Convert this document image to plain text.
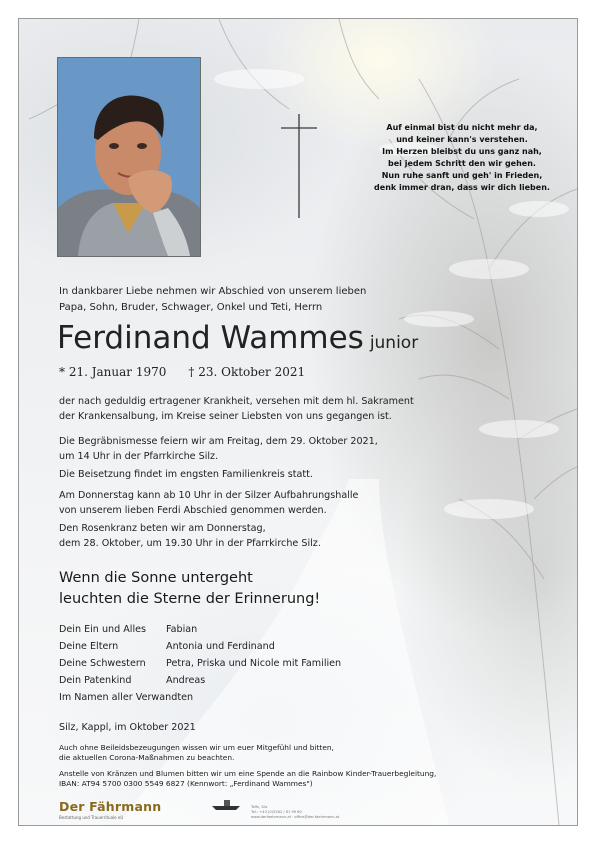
Auf einmal bist du nicht mehr da,
und keiner kann's verstehen.
Im Herzen bleibst du uns ganz nah,
bei jedem Schritt den wir gehen.
Nun ruhe sanft und geh' in Frieden,
denk immer dran, dass wir dich lieben.
In dankbarer Liebe nehmen wir Abschied von unserem lieben
Papa, Sohn, Bruder, Schwager, Onkel und Teti, Herrn
Ferdinand Wammes junior
* 21. Januar 1970 † 23. Oktober 2021
der nach geduldig ertragener Krankheit, versehen mit dem hl. Sakrament
der Krankensalbung, im Kreise seiner Liebsten von uns gegangen ist.
Die Begräbnismesse feiern wir am Freitag, dem 29. Oktober 2021,
um 14 Uhr in der Pfarrkirche Silz.
Die Beisetzung findet im engsten Familienkreis statt.
Am Donnerstag kann ab 10 Uhr in der Silzer Aufbahrungshalle
von unserem lieben Ferdi Abschied genommen werden.
Den Rosenkranz beten wir am Donnerstag,
dem 28. Oktober, um 19.30 Uhr in der Pfarrkirche Silz.
Wenn die Sonne untergeht
leuchten die Sterne der Erinnerung!
Dein Ein und Alles	Fabian
Deine Eltern	Antonia und Ferdinand
Deine Schwestern	Petra, Priska und Nicole mit Familien
Dein Patenkind	Andreas
Im Namen aller Verwandten
Silz, Kappl, im Oktober 2021
Auch ohne Beileidsbezeugungen wissen wir um euer Mitgefühl und bitten,
die aktuellen Corona-Maßnahmen zu beachten.
Anstelle von Kränzen und Blumen bitten wir um eine Spende an die Rainbow Kinder-Trauerbegleitung,
IBAN: AT94 5700 0300 5549 6827 (Kennwort: „Ferdinand Wammes")
Der Fährmann
Bestattung und Trauerrituale eU
Telfs, Silz
Tel.: +43 (0)5262 / 61 99 60
www.derfaehrmann.at · office@der-faehrmann.at
